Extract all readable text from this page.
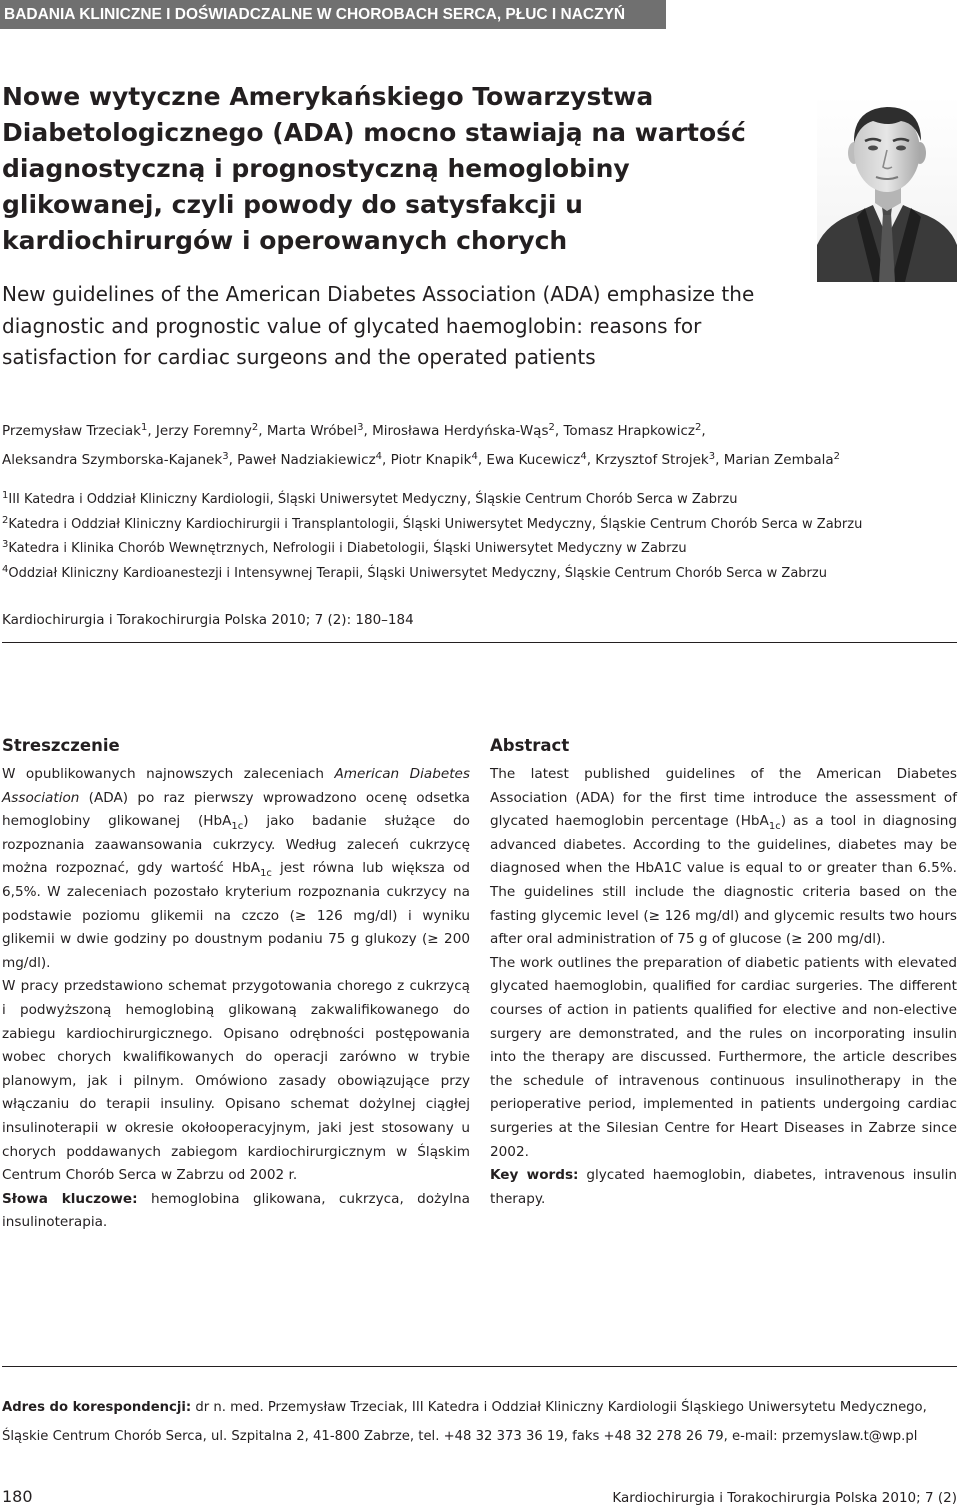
BADANIA KLINICZNE I DOŚWIADCZALNE W CHOROBACH SERCA, PŁUC I NACZYŃ
Nowe wytyczne Amerykańskiego Towarzystwa Diabetologicznego (ADA) mocno stawiają na wartość diagnostyczną i prognostyczną hemoglobiny glikowanej, czyli powody do satysfakcji u kardiochirurgów i operowanych chorych
New guidelines of the American Diabetes Association (ADA) emphasize the diagnostic and prognostic value of glycated haemoglobin: reasons for satisfaction for cardiac surgeons and the operated patients
Przemysław Trzeciak$^1$, Jerzy Foremny$^2$, Marta Wróbel$^3$, Mirosława Herdyńska-Wąs$^2$, Tomasz Hrapkowicz$^2$,
Aleksandra Szymborska-Kajanek$^3$, Paweł Nadziakiewicz$^4$, Piotr Knapik$^4$, Ewa Kucewicz$^4$, Krzysztof Strojek$^3$, Marian Zembala$^2$
$^1$III Katedra i Oddział Kliniczny Kardiologii, Śląski Uniwersytet Medyczny, Śląskie Centrum Chorób Serca w Zabrzu
$^2$Katedra i Oddział Kliniczny Kardiochirurgii i Transplantologii, Śląski Uniwersytet Medyczny, Śląskie Centrum Chorób Serca w Zabrzu
$^3$Katedra i Klinika Chorób Wewnętrznych, Nefrologii i Diabetologii, Śląski Uniwersytet Medyczny w Zabrzu
$^4$Oddział Kliniczny Kardioanestezji i Intensywnej Terapii, Śląski Uniwersytet Medyczny, Śląskie Centrum Chorób Serca w Zabrzu
Kardiochirurgia i Torakochirurgia Polska 2010; 7 (2): 180–184
Streszczenie

W opublikowanych najnowszych zaleceniach American Diabetes Association (ADA) po raz pierwszy wprowadzono ocenę odsetka hemoglobiny glikowanej (HbA$_{1c}$) jako badanie służące do rozpoznania zaawansowania cukrzycy. Według zaleceń cukrzycę można rozpoznać, gdy wartość HbA$_{1c}$ jest równa lub większa od 6,5%. W zaleceniach pozostało kryterium rozpoznania cukrzycy na podstawie poziomu glikemii na czczo (≥ 126 mg/dl) i wyniku glikemii w dwie godziny po doustnym podaniu 75 g glukozy (≥ 200 mg/dl).

W pracy przedstawiono schemat przygotowania chorego z cukrzycą i podwyższoną hemoglobiną glikowaną zakwalifikowanego do zabiegu kardiochirurgicznego. Opisano odrębności postępowania wobec chorych kwalifikowanych do operacji zarówno w trybie planowym, jak i pilnym. Omówiono zasady obowiązujące przy włączaniu do terapii insuliny. Opisano schemat dożylnej ciągłej insulinoterapii w okresie okołooperacyjnym, jaki jest stosowany u chorych poddawanych zabiegom kardiochirurgicznym w Śląskim Centrum Chorób Serca w Zabrzu od 2002 r.

Słowa kluczowe: hemoglobina glikowana, cukrzyca, dożylna insulinoterapia.

Abstract

The latest published guidelines of the American Diabetes Association (ADA) for the first time introduce the assessment of glycated haemoglobin percentage (HbA$_{1c}$) as a tool in diagnosing advanced diabetes. According to the guidelines, diabetes may be diagnosed when the HbA1C value is equal to or greater than 6.5%. The guidelines still include the diagnostic criteria based on the fasting glycemic level (≥ 126 mg/dl) and glycemic results two hours after oral administration of 75 g of glucose (≥ 200 mg/dl).

The work outlines the preparation of diabetic patients with elevated glycated haemoglobin, qualified for cardiac surgeries. The different courses of action in patients qualified for elective and non-elective surgery are demonstrated, and the rules on incorporating insulin into the therapy are discussed. Furthermore, the article describes the schedule of intravenous continuous insulinotherapy in the perioperative period, implemented in patients undergoing cardiac surgeries at the Silesian Centre for Heart Diseases in Zabrze since 2002.

Key words: glycated haemoglobin, diabetes, intravenous insulin therapy.

Adres do korespondencji: dr n. med. Przemysław Trzeciak, III Katedra i Oddział Kliniczny Kardiologii Śląskiego Uniwersytetu Medycznego, Śląskie Centrum Chorób Serca, ul. Szpitalna 2, 41-800 Zabrze, tel. +48 32 373 36 19, faks +48 32 278 26 79, e-mail: przemyslaw.t@wp.pl
180	Kardiochirurgia i Torakochirurgia Polska 2010; 7 (2)
